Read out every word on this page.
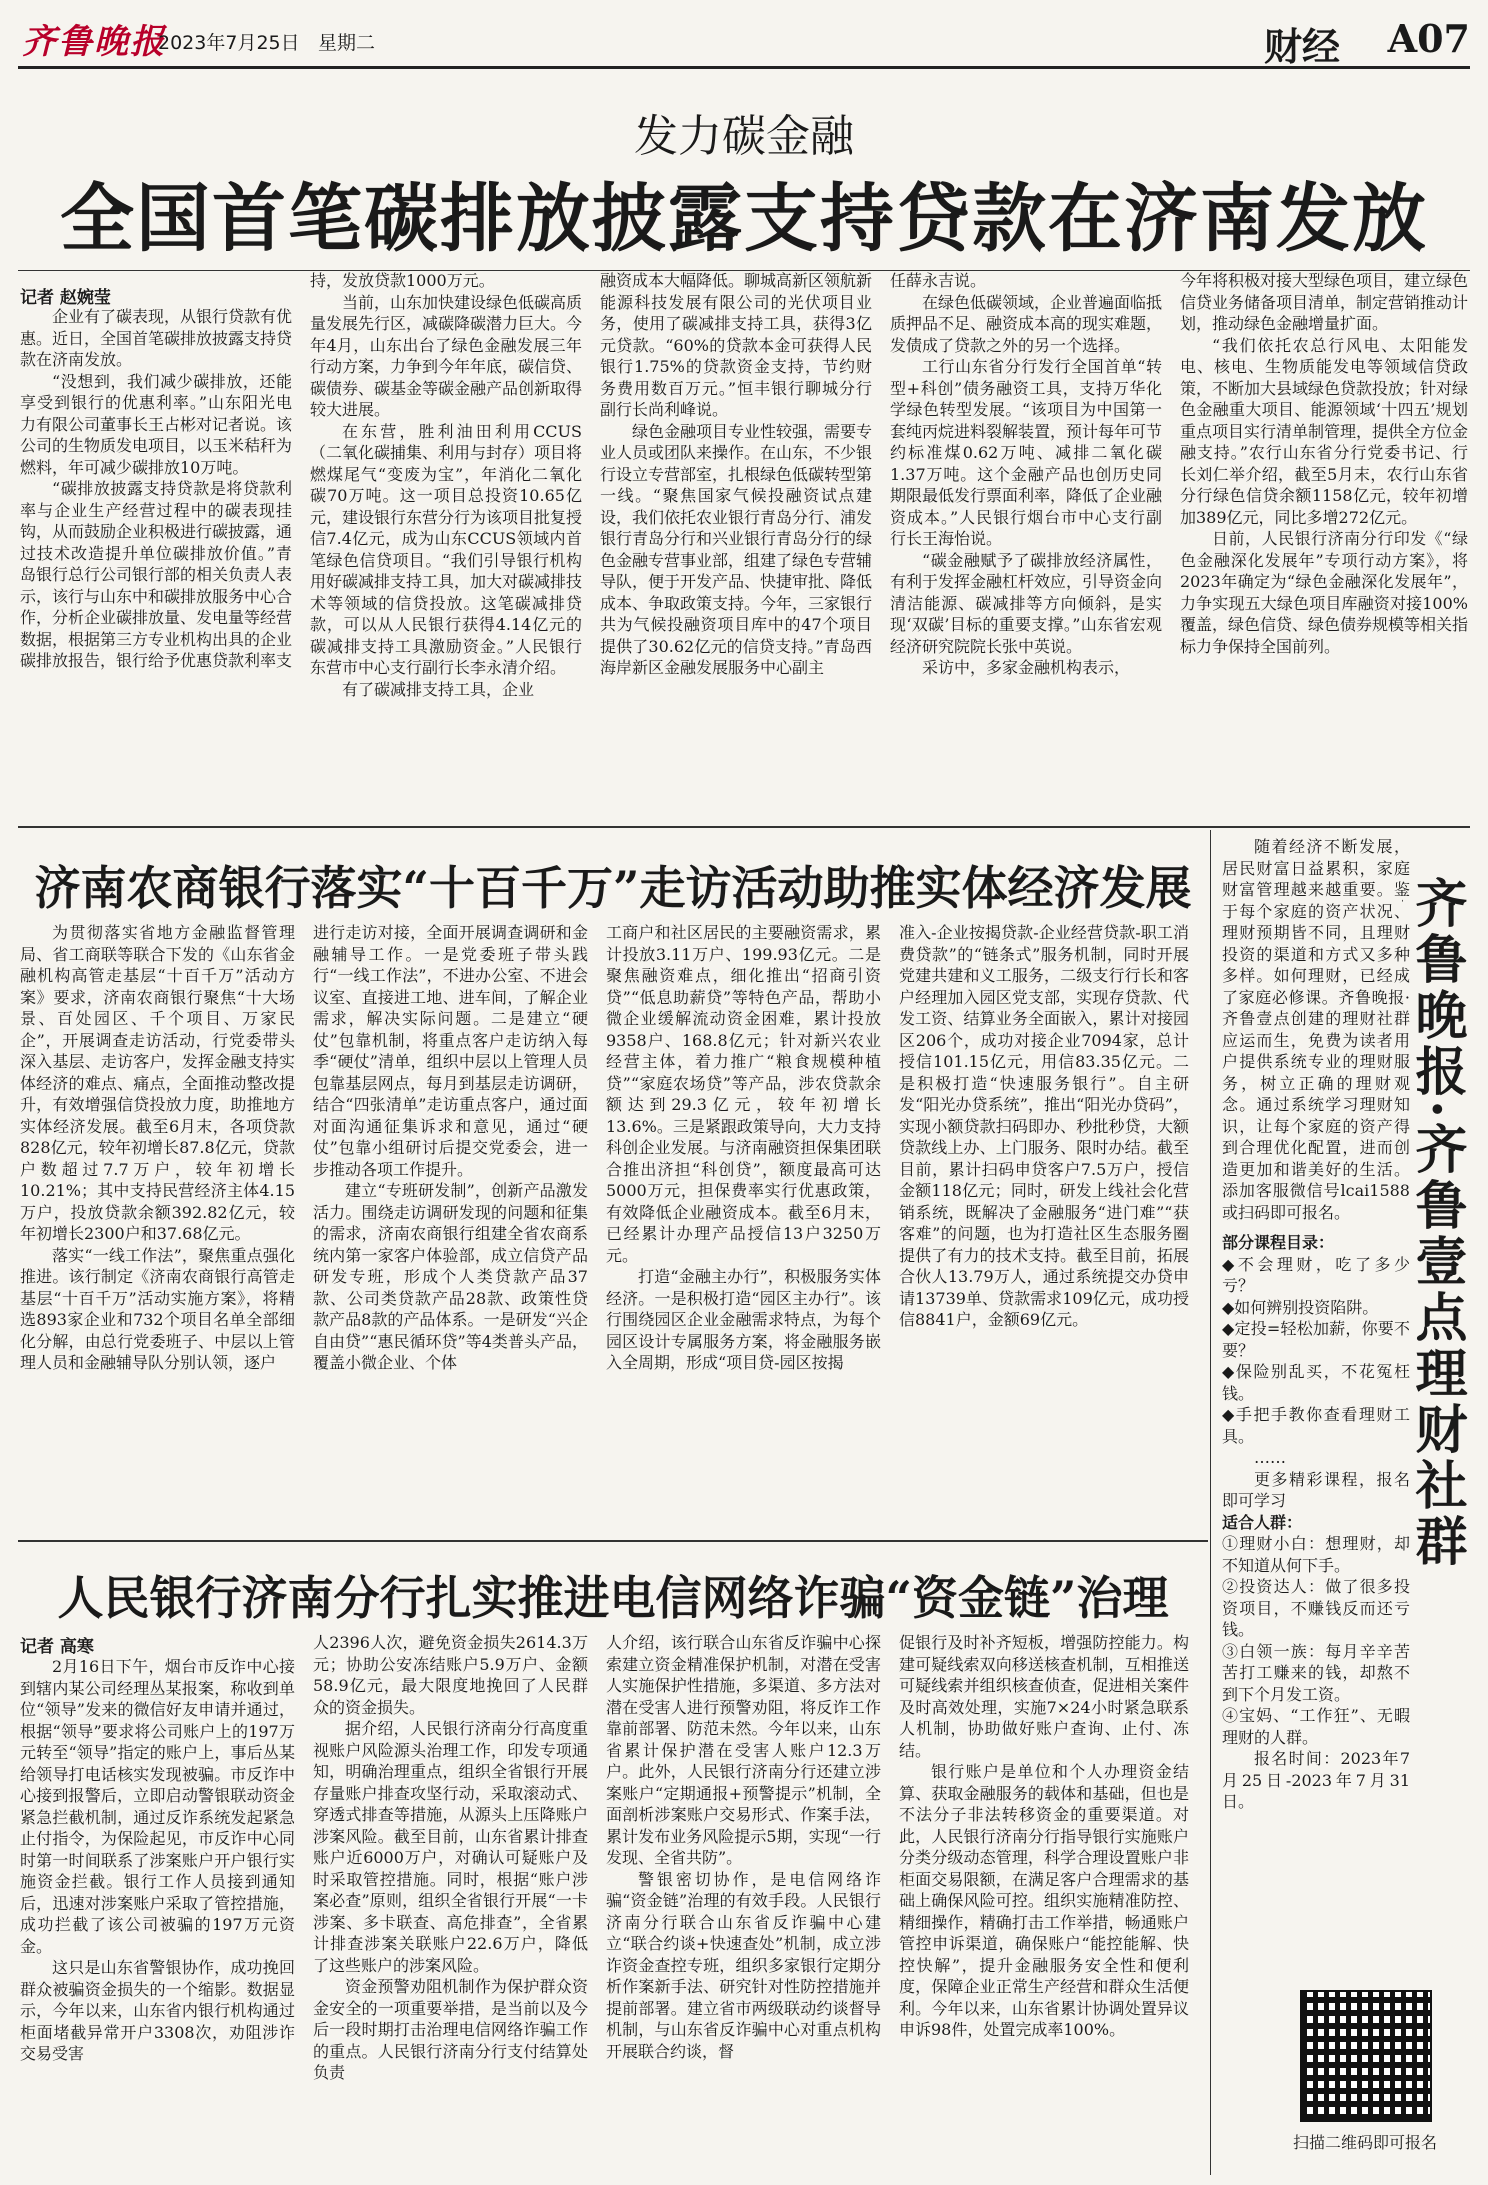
齐鲁晚报
2023年7月25日 星期二	财经 A07
发力碳金融
全国首笔碳排放披露支持贷款在济南发放
记者 赵婉莹

企业有了碳表现，从银行贷款有优惠。近日，全国首笔碳排放披露支持贷款在济南发放。

“没想到，我们减少碳排放，还能享受到银行的优惠利率。”山东阳光电力有限公司董事长王占彬对记者说。该公司的生物质发电项目，以玉米秸秆为燃料，年可减少碳排放10万吨。

“碳排放披露支持贷款是将贷款利率与企业生产经营过程中的碳表现挂钩，从而鼓励企业积极进行碳披露，通过技术改造提升单位碳排放价值。”青岛银行总行公司银行部的相关负责人表示，该行与山东中和碳排放服务中心合作，分析企业碳排放量、发电量等经营数据，根据第三方专业机构出具的企业碳排放报告，银行给予优惠贷款利率支

持，发放贷款1000万元。

当前，山东加快建设绿色低碳高质量发展先行区，减碳降碳潜力巨大。今年4月，山东出台了绿色金融发展三年行动方案，力争到今年年底，碳信贷、碳债券、碳基金等碳金融产品创新取得较大进展。

在东营，胜利油田利用CCUS（二氧化碳捕集、利用与封存）项目将燃煤尾气“变废为宝”，年消化二氧化碳70万吨。这一项目总投资10.65亿元，建设银行东营分行为该项目批复授信7.4亿元，成为山东CCUS领域内首笔绿色信贷项目。“我们引导银行机构用好碳减排支持工具，加大对碳减排技术等领域的信贷投放。这笔碳减排贷款，可以从人民银行获得4.14亿元的碳减排支持工具激励资金。”人民银行东营市中心支行副行长李永清介绍。

有了碳减排支持工具，企业

融资成本大幅降低。聊城高新区领航新能源科技发展有限公司的光伏项目业务，使用了碳减排支持工具，获得3亿元贷款。“60%的贷款本金可获得人民银行1.75%的贷款资金支持，节约财务费用数百万元。”恒丰银行聊城分行副行长尚利峰说。

绿色金融项目专业性较强，需要专业人员或团队来操作。在山东，不少银行设立专营部室，扎根绿色低碳转型第一线。“聚焦国家气候投融资试点建设，我们依托农业银行青岛分行、浦发银行青岛分行和兴业银行青岛分行的绿色金融专营事业部，组建了绿色专营辅导队，便于开发产品、快捷审批、降低成本、争取政策支持。今年，三家银行共为气候投融资项目库中的47个项目提供了30.62亿元的信贷支持。”青岛西海岸新区金融发展服务中心副主

任薛永吉说。

在绿色低碳领域，企业普遍面临抵质押品不足、融资成本高的现实难题，发债成了贷款之外的另一个选择。

工行山东省分行发行全国首单“转型+科创”债务融资工具，支持万华化学绿色转型发展。“该项目为中国第一套纯丙烷进料裂解装置，预计每年可节约标准煤0.62万吨、减排二氧化碳1.37万吨。这个金融产品也创历史同期限最低发行票面利率，降低了企业融资成本。”人民银行烟台市中心支行副行长王海怡说。

“碳金融赋予了碳排放经济属性，有利于发挥金融杠杆效应，引导资金向清洁能源、碳减排等方向倾斜，是实现‘双碳’目标的重要支撑。”山东省宏观经济研究院院长张中英说。

采访中，多家金融机构表示，

今年将积极对接大型绿色项目，建立绿色信贷业务储备项目清单，制定营销推动计划，推动绿色金融增量扩面。

“我们依托农总行风电、太阳能发电、核电、生物质能发电等领域信贷政策，不断加大县域绿色贷款投放；针对绿色金融重大项目、能源领域‘十四五’规划重点项目实行清单制管理，提供全方位金融支持。”农行山东省分行党委书记、行长刘仁举介绍，截至5月末，农行山东省分行绿色信贷余额1158亿元，较年初增加389亿元，同比多增272亿元。

日前，人民银行济南分行印发《“绿色金融深化发展年”专项行动方案》，将2023年确定为“绿色金融深化发展年”，力争实现五大绿色项目库融资对接100%覆盖，绿色信贷、绿色债券规模等相关指标力争保持全国前列。

济南农商银行落实“十百千万”走访活动助推实体经济发展

为贯彻落实省地方金融监督管理局、省工商联等联合下发的《山东省金融机构高管走基层“十百千万”活动方案》要求，济南农商银行聚焦“十大场景、百处园区、千个项目、万家民企”，开展调查走访活动，行党委带头深入基层、走访客户，发挥金融支持实体经济的难点、痛点，全面推动整改提升，有效增强信贷投放力度，助推地方实体经济发展。截至6月末，各项贷款828亿元，较年初增长87.8亿元，贷款户数超过7.7万户，较年初增长10.21%；其中支持民营经济主体4.15万户，投放贷款余额392.82亿元，较年初增长2300户和37.68亿元。

落实“一线工作法”，聚焦重点强化推进。该行制定《济南农商银行高管走基层“十百千万”活动实施方案》，将精选893家企业和732个项目名单全部细化分解，由总行党委班子、中层以上管理人员和金融辅导队分别认领，逐户

进行走访对接，全面开展调查调研和金融辅导工作。一是党委班子带头践行“一线工作法”，不进办公室、不进会议室、直接进工地、进车间，了解企业需求，解决实际问题。二是建立“硬仗”包靠机制，将重点客户走访纳入每季“硬仗”清单，组织中层以上管理人员包靠基层网点，每月到基层走访调研，结合“四张清单”走访重点客户，通过面对面沟通征集诉求和意见，通过“硬仗”包靠小组研讨后提交党委会，进一步推动各项工作提升。

建立“专班研发制”，创新产品激发活力。围绕走访调研发现的问题和征集的需求，济南农商银行组建全省农商系统内第一家客户体验部，成立信贷产品研发专班，形成个人类贷款产品37款、公司类贷款产品28款、政策性贷款产品8款的产品体系。一是研发“兴企自由贷”“惠民循环贷”等4类普头产品，覆盖小微企业、个体

工商户和社区居民的主要融资需求，累计投放3.11万户、199.93亿元。二是聚焦融资难点，细化推出“招商引资贷”“低息助薪贷”等特色产品，帮助小微企业缓解流动资金困难，累计投放9358户、168.8亿元；针对新兴农业经营主体，着力推广“粮食规模种植贷”“家庭农场贷”等产品，涉农贷款余额达到29.3亿元，较年初增长13.6%。三是紧跟政策导向，大力支持科创企业发展。与济南融资担保集团联合推出济担“科创贷”，额度最高可达5000万元，担保费率实行优惠政策，有效降低企业融资成本。截至6月末，已经累计办理产品授信13户3250万元。

打造“金融主办行”，积极服务实体经济。一是积极打造“园区主办行”。该行围绕园区企业金融需求特点，为每个园区设计专属服务方案，将金融服务嵌入全周期，形成“项目贷-园区按揭

准入-企业按揭贷款-企业经营贷款-职工消费贷款”的“链条式”服务机制，同时开展党建共建和义工服务，二级支行行长和客户经理加入园区党支部，实现存贷款、代发工资、结算业务全面嵌入，累计对接园区206个，成功对接企业7094家，总计授信101.15亿元，用信83.35亿元。二是积极打造“快速服务银行”。自主研发“阳光办贷系统”，推出“阳光办贷码”，实现小额贷款扫码即办、秒批秒贷，大额贷款线上办、上门服务、限时办结。截至目前，累计扫码申贷客户7.5万户，授信金额118亿元；同时，研发上线社会化营销系统，既解决了金融服务“进门难”“获客难”的问题，也为打造社区生态服务圈提供了有力的技术支持。截至目前，拓展合伙人13.79万人，通过系统提交办贷申请13739单、贷款需求109亿元，成功授信8841户，金额69亿元。

人民银行济南分行扎实推进电信网络诈骗“资金链”治理
记者 高寒

2月16日下午，烟台市反诈中心接到辖内某公司经理丛某报案，称收到单位“领导”发来的微信好友申请并通过，根据“领导”要求将公司账户上的197万元转至“领导”指定的账户上，事后丛某给领导打电话核实发现被骗。市反诈中心接到报警后，立即启动警银联动资金紧急拦截机制，通过反诈系统发起紧急止付指令，为保险起见，市反诈中心同时第一时间联系了涉案账户开户银行实施资金拦截。银行工作人员接到通知后，迅速对涉案账户采取了管控措施，成功拦截了该公司被骗的197万元资金。

这只是山东省警银协作，成功挽回群众被骗资金损失的一个缩影。数据显示，今年以来，山东省内银行机构通过柜面堵截异常开户3308次，劝阻涉诈交易受害

人2396人次，避免资金损失2614.3万元；协助公安冻结账户5.9万户、金额58.9亿元，最大限度地挽回了人民群众的资金损失。

据介绍，人民银行济南分行高度重视账户风险源头治理工作，印发专项通知，明确治理重点，组织全省银行开展存量账户排查攻坚行动，采取滚动式、穿透式排查等措施，从源头上压降账户涉案风险。截至目前，山东省累计排查账户近6000万户，对确认可疑账户及时采取管控措施。同时，根据“账户涉案必查”原则，组织全省银行开展“一卡涉案、多卡联查、高危排查”，全省累计排查涉案关联账户22.6万户，降低了这些账户的涉案风险。

资金预警劝阻机制作为保护群众资金安全的一项重要举措，是当前以及今后一段时期打击治理电信网络诈骗工作的重点。人民银行济南分行支付结算处负责

人介绍，该行联合山东省反诈骗中心探索建立资金精准保护机制，对潜在受害人实施保护性措施，多渠道、多方法对潜在受害人进行预警劝阻，将反诈工作靠前部署、防范未然。今年以来，山东省累计保护潜在受害人账户12.3万户。此外，人民银行济南分行还建立涉案账户“定期通报+预警提示”机制，全面剖析涉案账户交易形式、作案手法，累计发布业务风险提示5期，实现“一行发现、全省共防”。

警银密切协作，是电信网络诈骗“资金链”治理的有效手段。人民银行济南分行联合山东省反诈骗中心建立“联合约谈+快速查处”机制，成立涉诈资金查控专班，组织多家银行定期分析作案新手法、研究针对性防控措施并提前部署。建立省市两级联动约谈督导机制，与山东省反诈骗中心对重点机构开展联合约谈，督

促银行及时补齐短板，增强防控能力。构建可疑线索双向移送核查机制，互相推送可疑线索并组织核查侦查，促进相关案件及时高效处理，实施7×24小时紧急联系人机制，协助做好账户查询、止付、冻结。

银行账户是单位和个人办理资金结算、获取金融服务的载体和基础，但也是不法分子非法转移资金的重要渠道。对此，人民银行济南分行指导银行实施账户分类分级动态管理，科学合理设置账户非柜面交易限额，在满足客户合理需求的基础上确保风险可控。组织实施精准防控、精细操作，精确打击工作举措，畅通账户管控申诉渠道，确保账户“能控能解、快控快解”，提升金融服务安全性和便利度，保障企业正常生产经营和群众生活便利。今年以来，山东省累计协调处置异议申诉98件，处置完成率100%。

齐鲁晚报·齐鲁壹点理财社群

随着经济不断发展，居民财富日益累积，家庭财富管理越来越重要。鉴于每个家庭的资产状况、理财预期皆不同，且理财投资的渠道和方式又多种多样。如何理财，已经成了家庭必修课。齐鲁晚报·齐鲁壹点创建的理财社群应运而生，免费为读者用户提供系统专业的理财服务，树立正确的理财观念。通过系统学习理财知识，让每个家庭的资产得到合理优化配置，进而创造更加和谐美好的生活。添加客服微信号lcai1588或扫码即可报名。

部分课程目录：

◆不会理财，吃了多少亏？

◆如何辨别投资陷阱。

◆定投=轻松加薪，你要不要？

◆保险别乱买，不花冤枉钱。

◆手把手教你查看理财工具。

……

更多精彩课程，报名即可学习

适合人群：

①理财小白：想理财，却不知道从何下手。

②投资达人：做了很多投资项目，不赚钱反而还亏钱。

③白领一族：每月辛辛苦苦打工赚来的钱，却熬不到下个月发工资。

④宝妈、“工作狂”、无暇理财的人群。

报名时间：2023年7月25日-2023年7月31日。

扫描二维码即可报名
